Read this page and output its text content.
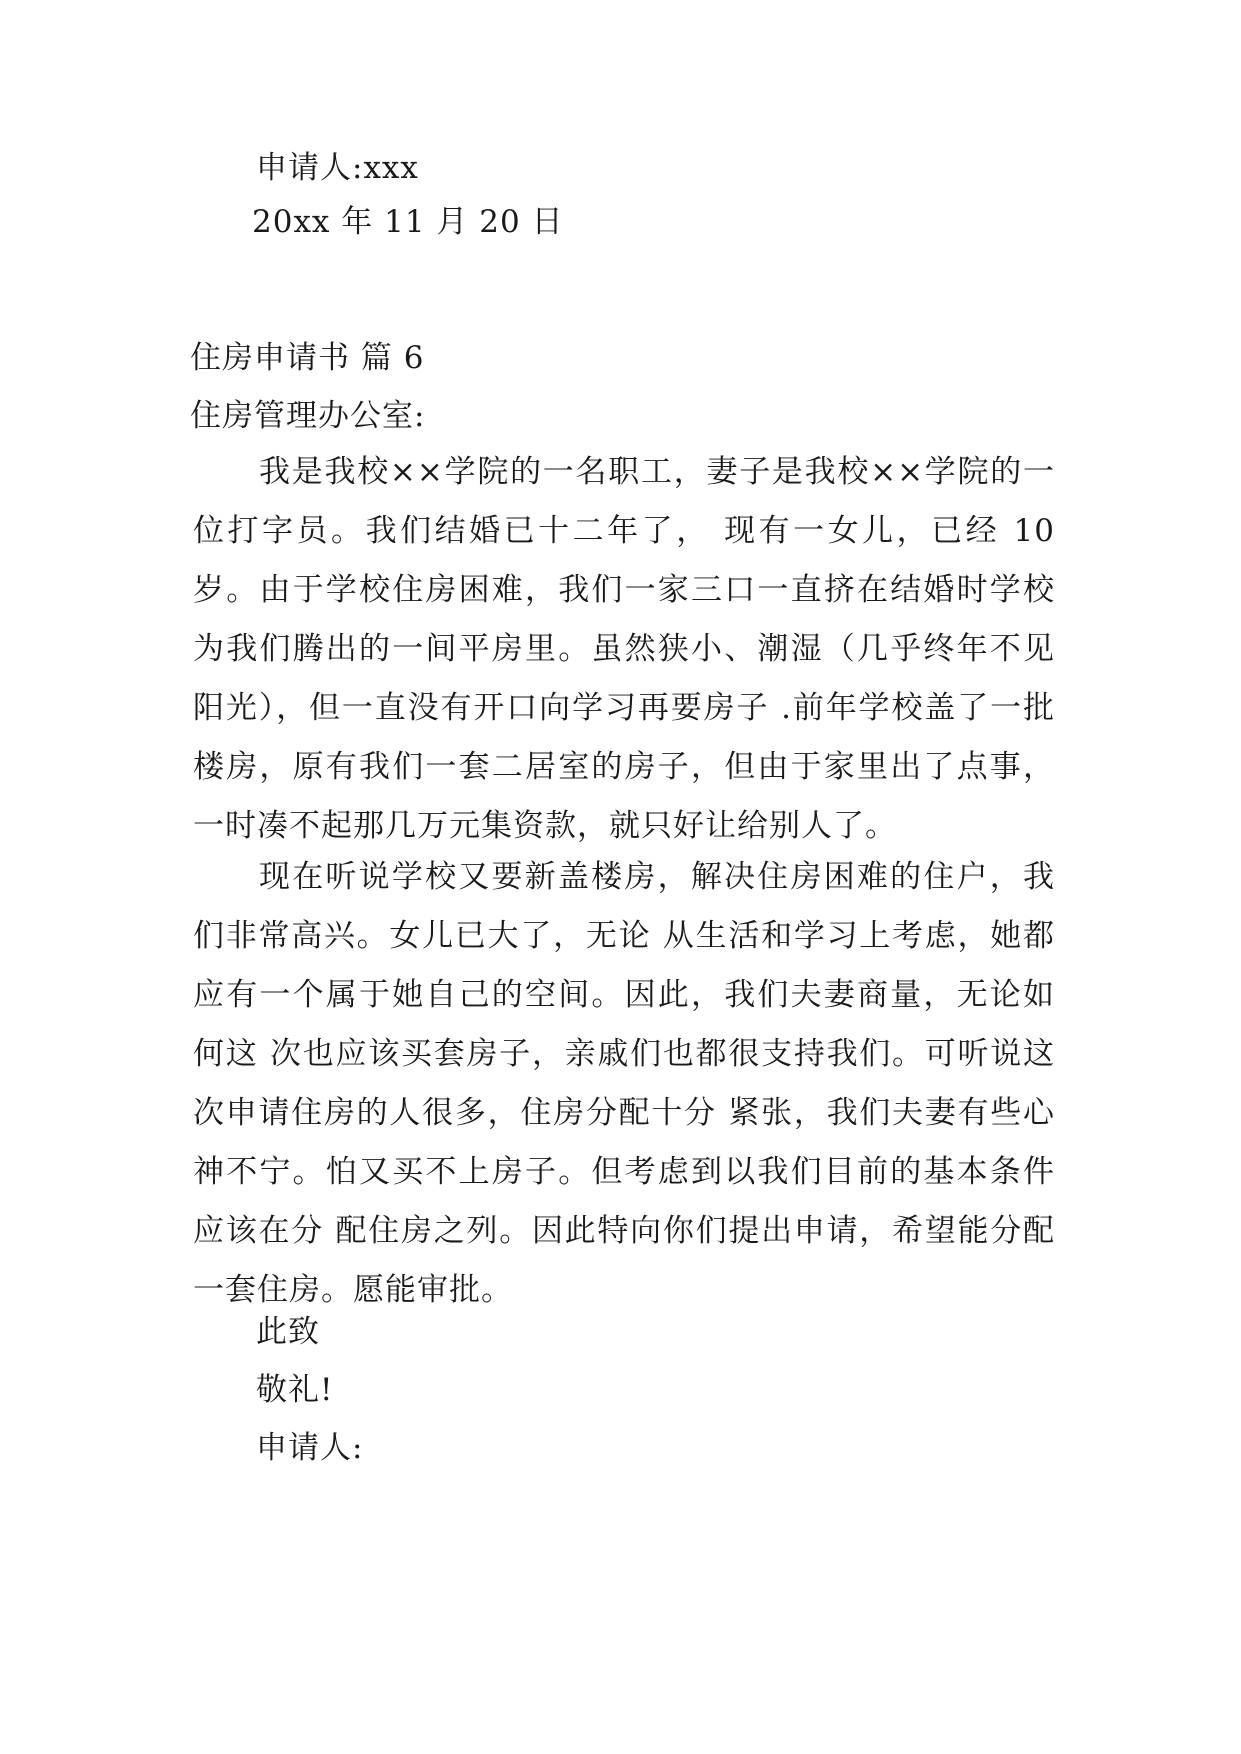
申请人:xxx
20xx 年 11 月 20 日
住房申请书 篇 6
住房管理办公室:
我是我校××学院的一名职工，妻子是我校××学院的一位打字员。我们结婚已十二年了， 现有一女儿，已经 10 岁。由于学校住房困难，我们一家三口一直挤在结婚时学校为我们腾出的一间平房里。虽然狭小、潮湿（几乎终年不见阳光），但一直没有开口向学习再要房子 .前年学校盖了一批楼房，原有我们一套二居室的房子，但由于家里出了点事，一时凑不起那几万元集资款，就只好让给别人了。
现在听说学校又要新盖楼房，解决住房困难的住户，我们非常高兴。女儿已大了，无论 从生活和学习上考虑，她都应有一个属于她自己的空间。因此，我们夫妻商量，无论如何这 次也应该买套房子，亲戚们也都很支持我们。可听说这次申请住房的人很多，住房分配十分 紧张，我们夫妻有些心神不宁。怕又买不上房子。但考虑到以我们目前的基本条件应该在分 配住房之列。因此特向你们提出申请，希望能分配一套住房。愿能审批。
此致
敬礼!
申请人:
